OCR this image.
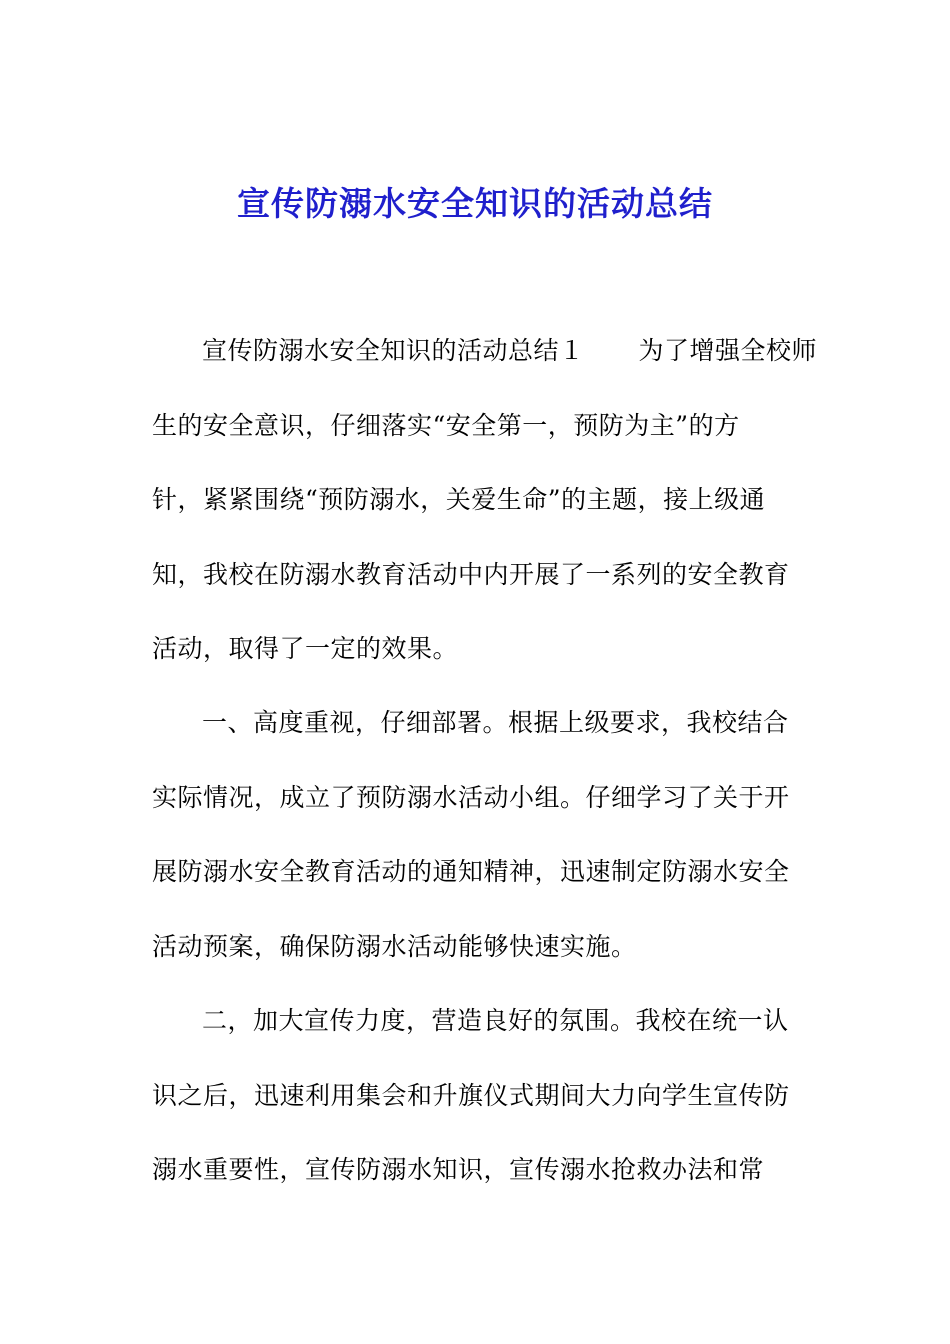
宣传防溺水安全知识的活动总结
宣传防溺水安全知识的活动总结１ 为了增强全校师
生的安全意识，仔细落实“安全第一，预防为主”的方
针，紧紧围绕“预防溺水，关爱生命”的主题，接上级通
知，我校在防溺水教育活动中内开展了一系列的安全教育
活动，取得了一定的效果。
一、高度重视，仔细部署。根据上级要求，我校结合
实际情况，成立了预防溺水活动小组。仔细学习了关于开
展防溺水安全教育活动的通知精神，迅速制定防溺水安全
活动预案，确保防溺水活动能够快速实施。
二，加大宣传力度，营造良好的氛围。我校在统一认
识之后，迅速利用集会和升旗仪式期间大力向学生宣传防
溺水重要性，宣传防溺水知识，宣传溺水抢救办法和常
